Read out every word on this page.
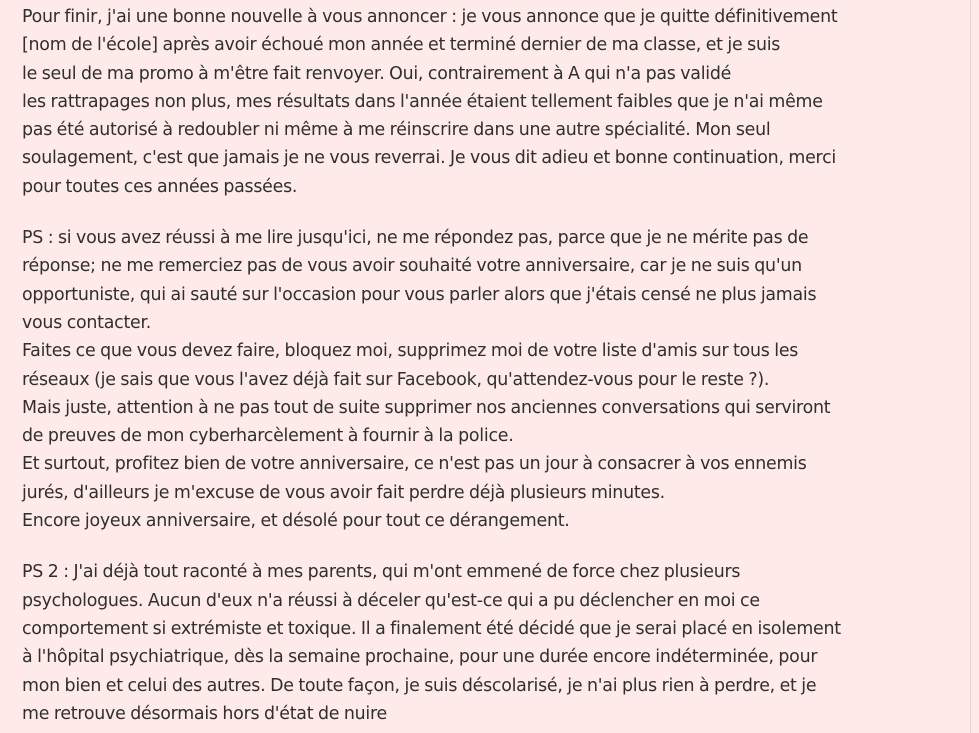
Pour finir, j'ai une bonne nouvelle à vous annoncer : je vous annonce que je quitte définitivement
[nom de l'école] après avoir échoué mon année et terminé dernier de ma classe, et je suis
le seul de ma promo à m'être fait renvoyer. Oui, contrairement à A qui n'a pas validé
les rattrapages non plus, mes résultats dans l'année étaient tellement faibles que je n'ai même
pas été autorisé à redoubler ni même à me réinscrire dans une autre spécialité. Mon seul
soulagement, c'est que jamais je ne vous reverrai. Je vous dit adieu et bonne continuation, merci
pour toutes ces années passées.
PS : si vous avez réussi à me lire jusqu'ici, ne me répondez pas, parce que je ne mérite pas de
réponse; ne me remerciez pas de vous avoir souhaité votre anniversaire, car je ne suis qu'un
opportuniste, qui ai sauté sur l'occasion pour vous parler alors que j'étais censé ne plus jamais
vous contacter.
Faites ce que vous devez faire, bloquez moi, supprimez moi de votre liste d'amis sur tous les
réseaux (je sais que vous l'avez déjà fait sur Facebook, qu'attendez-vous pour le reste ?).
Mais juste, attention à ne pas tout de suite supprimer nos anciennes conversations qui serviront
de preuves de mon cyberharcèlement à fournir à la police.
Et surtout, profitez bien de votre anniversaire, ce n'est pas un jour à consacrer à vos ennemis
jurés, d'ailleurs je m'excuse de vous avoir fait perdre déjà plusieurs minutes.
Encore joyeux anniversaire, et désolé pour tout ce dérangement.
PS 2 : J'ai déjà tout raconté à mes parents, qui m'ont emmené de force chez plusieurs
psychologues. Aucun d'eux n'a réussi à déceler qu'est-ce qui a pu déclencher en moi ce
comportement si extrémiste et toxique. Il a finalement été décidé que je serai placé en isolement
à l'hôpital psychiatrique, dès la semaine prochaine, pour une durée encore indéterminée, pour
mon bien et celui des autres. De toute façon, je suis déscolarisé, je n'ai plus rien à perdre, et je
me retrouve désormais hors d'état de nuire
